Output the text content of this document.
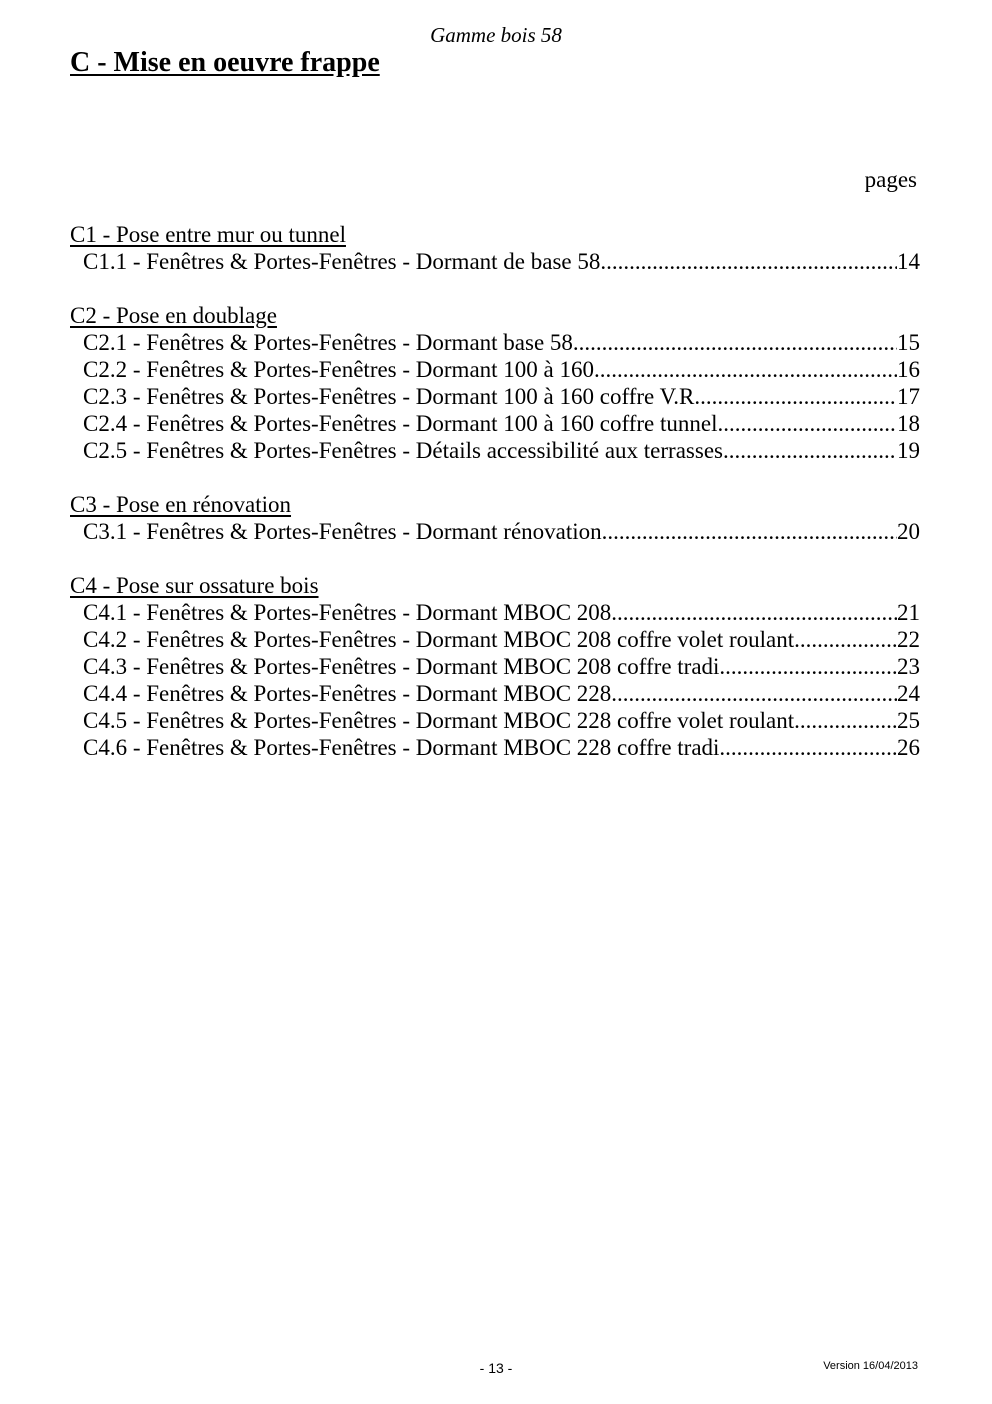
Gamme bois 58
C - Mise en oeuvre frappe
pages
C1 - Pose entre mur ou tunnel
C1.1 - Fenêtres & Portes-Fenêtres - Dormant de base 58 .....	14
C2 - Pose en doublage
C2.1 - Fenêtres & Portes-Fenêtres - Dormant base 58 .....	15
C2.2 - Fenêtres & Portes-Fenêtres - Dormant 100 à 160 .....	16
C2.3 - Fenêtres & Portes-Fenêtres - Dormant 100 à 160 coffre V.R .....	17
C2.4 - Fenêtres & Portes-Fenêtres - Dormant 100 à 160 coffre tunnel .....	18
C2.5 - Fenêtres & Portes-Fenêtres - Détails accessibilité aux terrasses .....	19
C3 - Pose en rénovation
C3.1 - Fenêtres & Portes-Fenêtres - Dormant rénovation .....	20
C4 - Pose sur ossature bois
C4.1 - Fenêtres & Portes-Fenêtres - Dormant MBOC 208 .....	21
C4.2 - Fenêtres & Portes-Fenêtres - Dormant MBOC 208 coffre volet roulant .....	22
C4.3 - Fenêtres & Portes-Fenêtres - Dormant MBOC 208 coffre tradi .....	23
C4.4 - Fenêtres & Portes-Fenêtres - Dormant MBOC 228 .....	24
C4.5 - Fenêtres & Portes-Fenêtres - Dormant MBOC 228 coffre volet roulant .....	25
C4.6 - Fenêtres & Portes-Fenêtres - Dormant MBOC 228 coffre tradi .....	26
- 13 -	Version 16/04/2013
